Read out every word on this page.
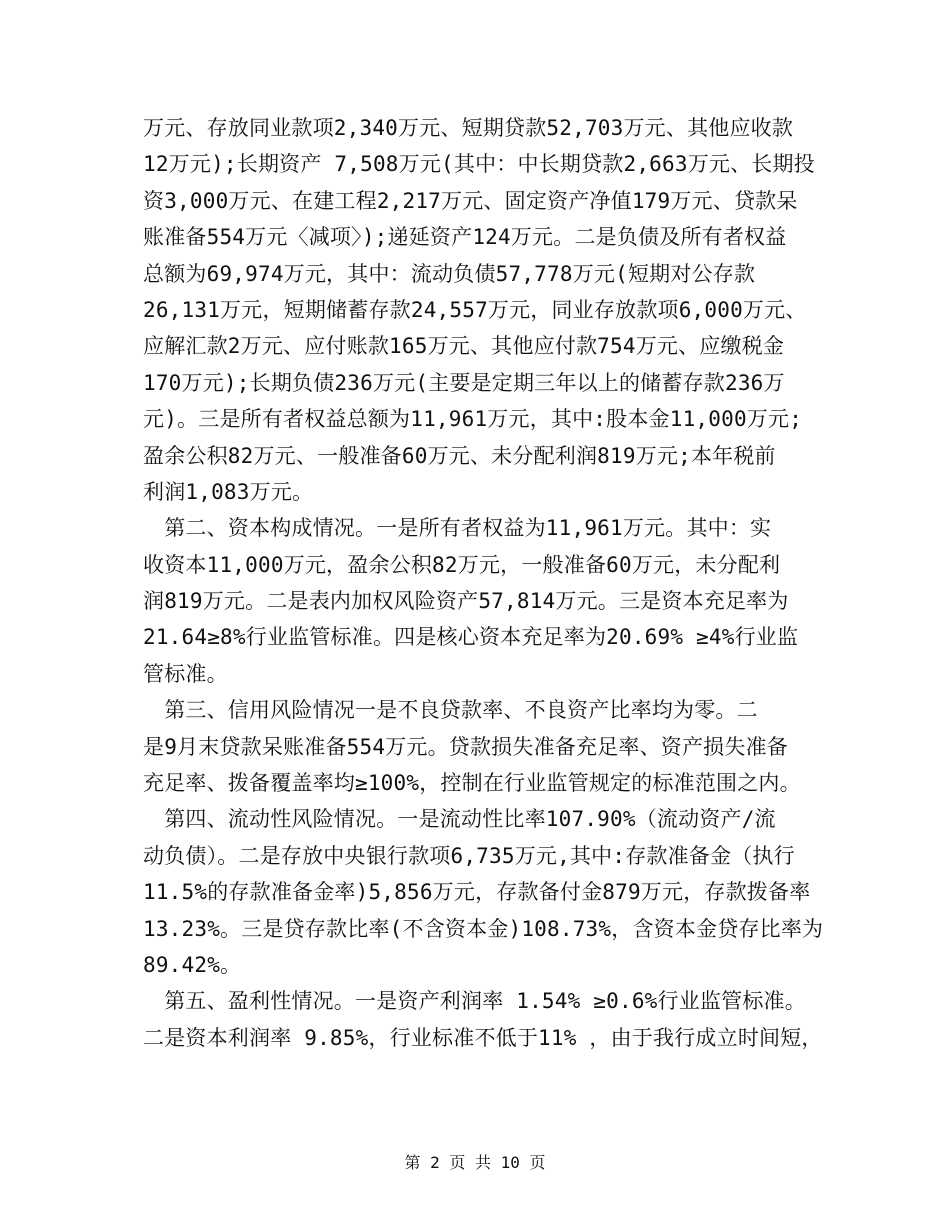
万元、存放同业款项2,340万元、短期贷款52,703万元、其他应收款
12万元);长期资产 7,508万元(其中：中长期贷款2,663万元、长期投
资3,000万元、在建工程2,217万元、固定资产净值179万元、贷款呆
账准备554万元〈减项〉);递延资产124万元。二是负债及所有者权益
总额为69,974万元，其中：流动负债57,778万元(短期对公存款
26,131万元，短期储蓄存款24,557万元，同业存放款项6,000万元、
应解汇款2万元、应付账款165万元、其他应付款754万元、应缴税金
170万元);长期负债236万元(主要是定期三年以上的储蓄存款236万
元)。三是所有者权益总额为11,961万元，其中:股本金11,000万元;
盈余公积82万元、一般准备60万元、未分配利润819万元;本年税前
利润1,083万元。
　第二、资本构成情况。一是所有者权益为11,961万元。其中：实
收资本11,000万元，盈余公积82万元，一般准备60万元，未分配利
润819万元。二是表内加权风险资产57,814万元。三是资本充足率为
21.64≥8%行业监管标准。四是核心资本充足率为20.69% ≥4%行业监
管标准。
　第三、信用风险情况一是不良贷款率、不良资产比率均为零。二
是9月末贷款呆账准备554万元。贷款损失准备充足率、资产损失准备
充足率、拨备覆盖率均≥100%，控制在行业监管规定的标准范围之内。
　第四、流动性风险情况。一是流动性比率107.90%（流动资产/流
动负债）。二是存放中央银行款项6,735万元,其中:存款准备金（执行
11.5%的存款准备金率)5,856万元，存款备付金879万元，存款拨备率
13.23%。三是贷存款比率(不含资本金)108.73%，含资本金贷存比率为
89.42%。
　第五、盈利性情况。一是资产利润率 1.54% ≥0.6%行业监管标准。
二是资本利润率 9.85%，行业标准不低于11% ，由于我行成立时间短，
第 2 页 共 10 页
